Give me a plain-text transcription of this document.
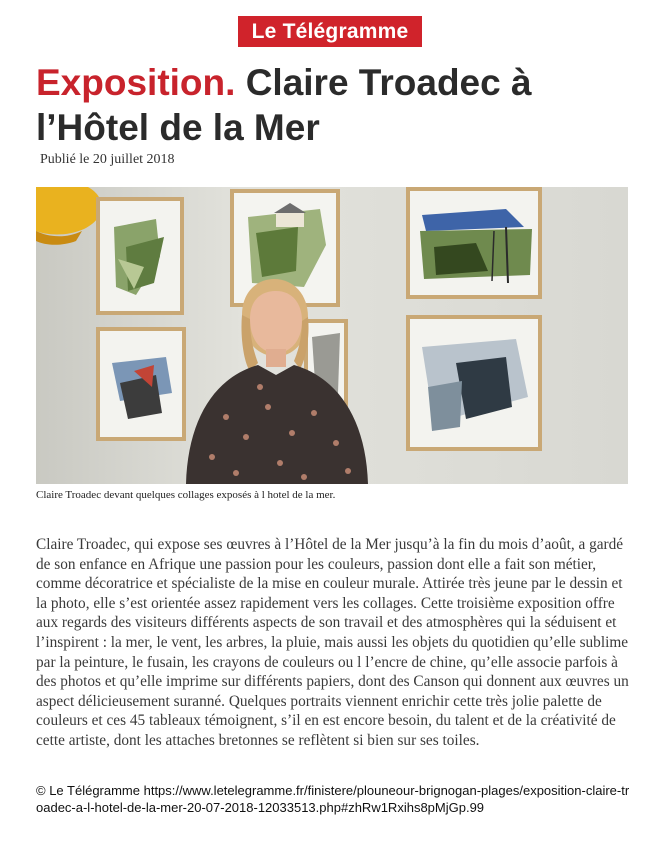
Le Télégramme
Exposition. Claire Troadec à l’Hôtel de la Mer
Publié le 20 juillet 2018
Claire Troadec devant quelques collages exposés à l hotel de la mer.

Claire Troadec, qui expose ses œuvres à l’Hôtel de la Mer jusqu’à la fin du mois d’août, a gardé de son enfance en Afrique une passion pour les couleurs, passion dont elle a fait son métier, comme décoratrice et spécialiste de la mise en couleur murale. Attirée très jeune par le dessin et la photo, elle s’est orientée assez rapidement vers les collages. Cette troisième exposition offre aux regards des visiteurs différents aspects de son travail et des atmosphères qui la séduisent et l’inspirent : la mer, le vent, les arbres, la pluie, mais aussi les objets du quotidien qu’elle sublime par la peinture, le fusain, les crayons de couleurs ou l l’encre de chine, qu’elle associe parfois à des photos et qu’elle imprime sur différents papiers, dont des Canson qui donnent aux œuvres un aspect délicieusement suranné. Quelques portraits viennent enrichir cette très jolie palette de couleurs et ces 45 tableaux témoignent, s’il en est encore besoin, du talent et de la créativité de cette artiste, dont les attaches bretonnes se reflètent si bien sur ses toiles.

© Le Télégramme https://www.letelegramme.fr/finistere/plouneour-brignogan-plages/exposition-claire-troadec-a-l-hotel-de-la-mer-20-07-2018-12033513.php#zhRw1Rxihs8pMjGp.99
